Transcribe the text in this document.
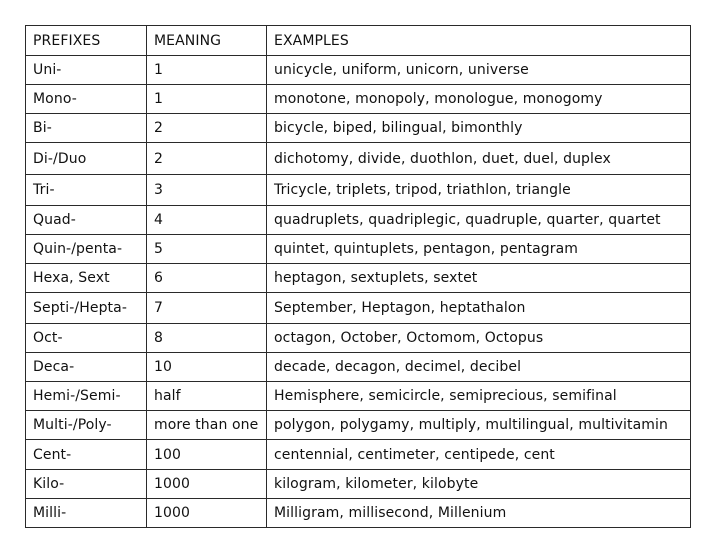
PREFIXES	MEANING	EXAMPLES
Uni-	1	unicycle, uniform, unicorn, universe
Mono-	1	monotone, monopoly, monologue, monogomy
Bi-	2	bicycle, biped, bilingual, bimonthly
Di-/Duo	2	dichotomy, divide, duothlon, duet, duel, duplex
Tri-	3	Tricycle, triplets, tripod, triathlon, triangle
Quad-	4	quadruplets, quadriplegic, quadruple, quarter, quartet
Quin-/penta-	5	quintet, quintuplets, pentagon, pentagram
Hexa, Sext	6	heptagon, sextuplets, sextet
Septi-/Hepta-	7	September, Heptagon, heptathalon
Oct-	8	octagon, October, Octomom, Octopus
Deca-	10	decade, decagon, decimel, decibel
Hemi-/Semi-	half	Hemisphere, semicircle, semiprecious, semifinal
Multi-/Poly-	more than one	polygon, polygamy, multiply, multilingual, multivitamin
Cent-	100	centennial, centimeter, centipede, cent
Kilo-	1000	kilogram, kilometer, kilobyte
Milli-	1000	Milligram, millisecond, Millenium
